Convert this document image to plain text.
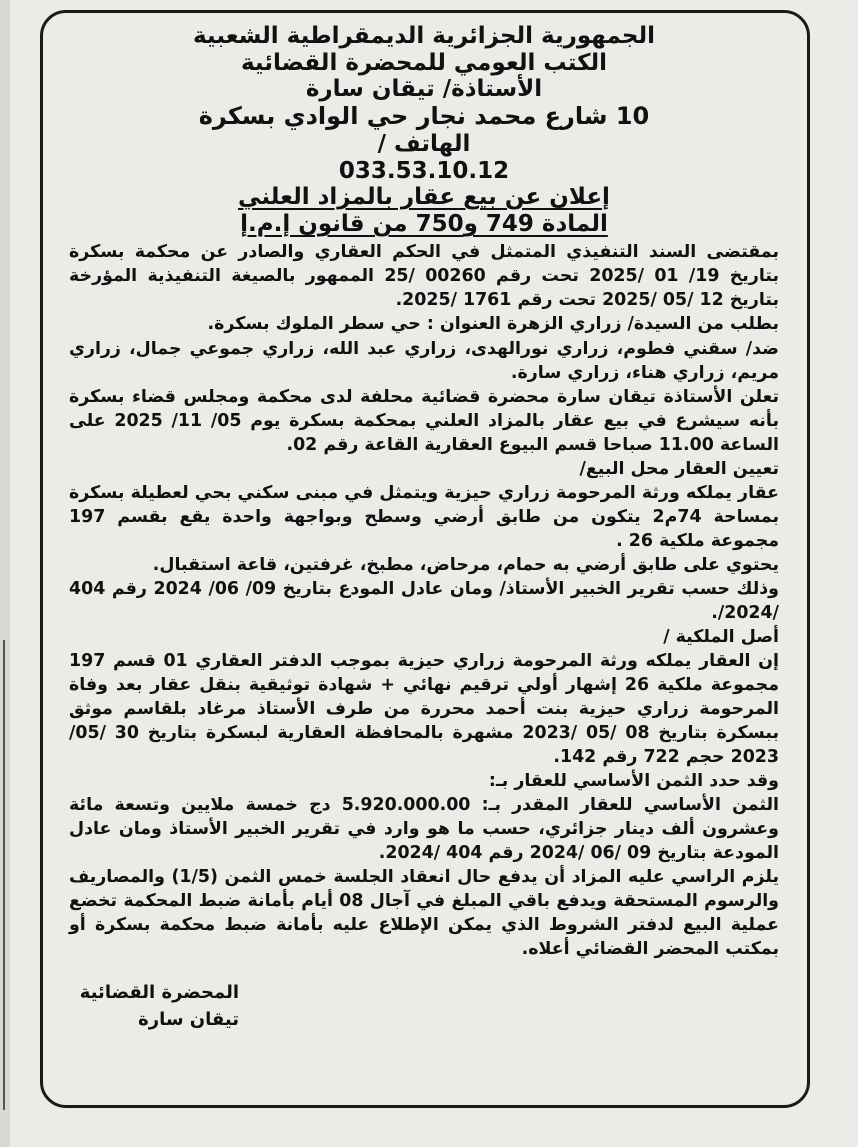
الجمهورية الجزائرية الديمقراطية الشعبية
الكتب العومي للمحضرة القضائية
الأستاذة/ تيقان سارة
10 شارع محمد نجار حي الوادي بسكرة
الهاتف /
033.53.10.12
إعلان عن بيع عقار بالمزاد العلني
المادة 749 و750 من قانون إ.م.إ

بمقتضى السند التنفيذي المتمثل في الحكم العقاري والصادر عن محكمة بسكرة بتاريخ 19/ 01 /2025 تحت رقم 00260 /25 الممهور بالصيغة التنفيذية المؤرخة بتاريخ 12 /05 /2025 تحت رقم 1761 /2025.

بطلب من السيدة/ زراري الزهرة العنوان : حي سطر الملوك بسكرة.

ضد/ سقني فطوم، زراري نورالهدى، زراري عبد الله، زراري جموعي جمال، زراري مريم، زراري هناء، زراري سارة.

تعلن الأستاذة تيقان سارة محضرة قضائية محلفة لدى محكمة ومجلس قضاء بسكرة بأنه سيشرع في بيع عقار بالمزاد العلني بمحكمة بسكرة يوم 05/ 11/ 2025 على الساعة 11.00 صباحا قسم البيوع العقارية القاعة رقم 02.

تعيين العقار محل البيع/

عقار يملكه ورثة المرحومة زراري حيزية ويتمثل في مبنى سكني بحي لعطيلة بسكرة بمساحة 74م2 يتكون من طابق أرضي وسطح وبواجهة واحدة يقع بقسم 197 مجموعة ملكية 26 .

يحتوي على طابق أرضي به حمام، مرحاض، مطبخ، غرفتين، قاعة استقبال.

وذلك حسب تقرير الخبير الأستاذ/ ومان عادل المودع بتاريخ 09/ 06/ 2024 رقم 404 /2024/.

أصل الملكية /

إن العقار يملكه ورثة المرحومة زراري حيزية بموجب الدفتر العقاري 01 قسم 197 مجموعة ملكية 26 إشهار أولي ترقيم نهائي + شهادة توثيقية بنقل عقار بعد وفاة المرحومة زراري حيزية بنت أحمد محررة من طرف الأستاذ مرغاد بلقاسم موثق ببسكرة بتاريخ 08 /05 /2023 مشهرة بالمحافظة العقارية لبسكرة بتاريخ 30 /05/ 2023 حجم 722 رقم 142.

وقد حدد الثمن الأساسي للعقار بـ:

الثمن الأساسي للعقار المقدر بـ: 5.920.000.00 دج خمسة ملايين وتسعة مائة وعشرون ألف دينار جزائري، حسب ما هو وارد في تقرير الخبير الأستاذ ومان عادل المودعة بتاريخ 09 /06 /2024 رقم 404 /2024.

يلزم الراسي عليه المزاد أن يدفع حال انعقاد الجلسة خمس الثمن (1/5) والمصاريف والرسوم المستحقة ويدفع باقي المبلغ في آجال 08 أيام بأمانة ضبط المحكمة تخضع عملية البيع لدفتر الشروط الذي يمكن الإطلاع عليه بأمانة ضبط محكمة بسكرة أو بمكتب المحضر القضائي أعلاه.

المحضرة القضائية
تيقان سارة
